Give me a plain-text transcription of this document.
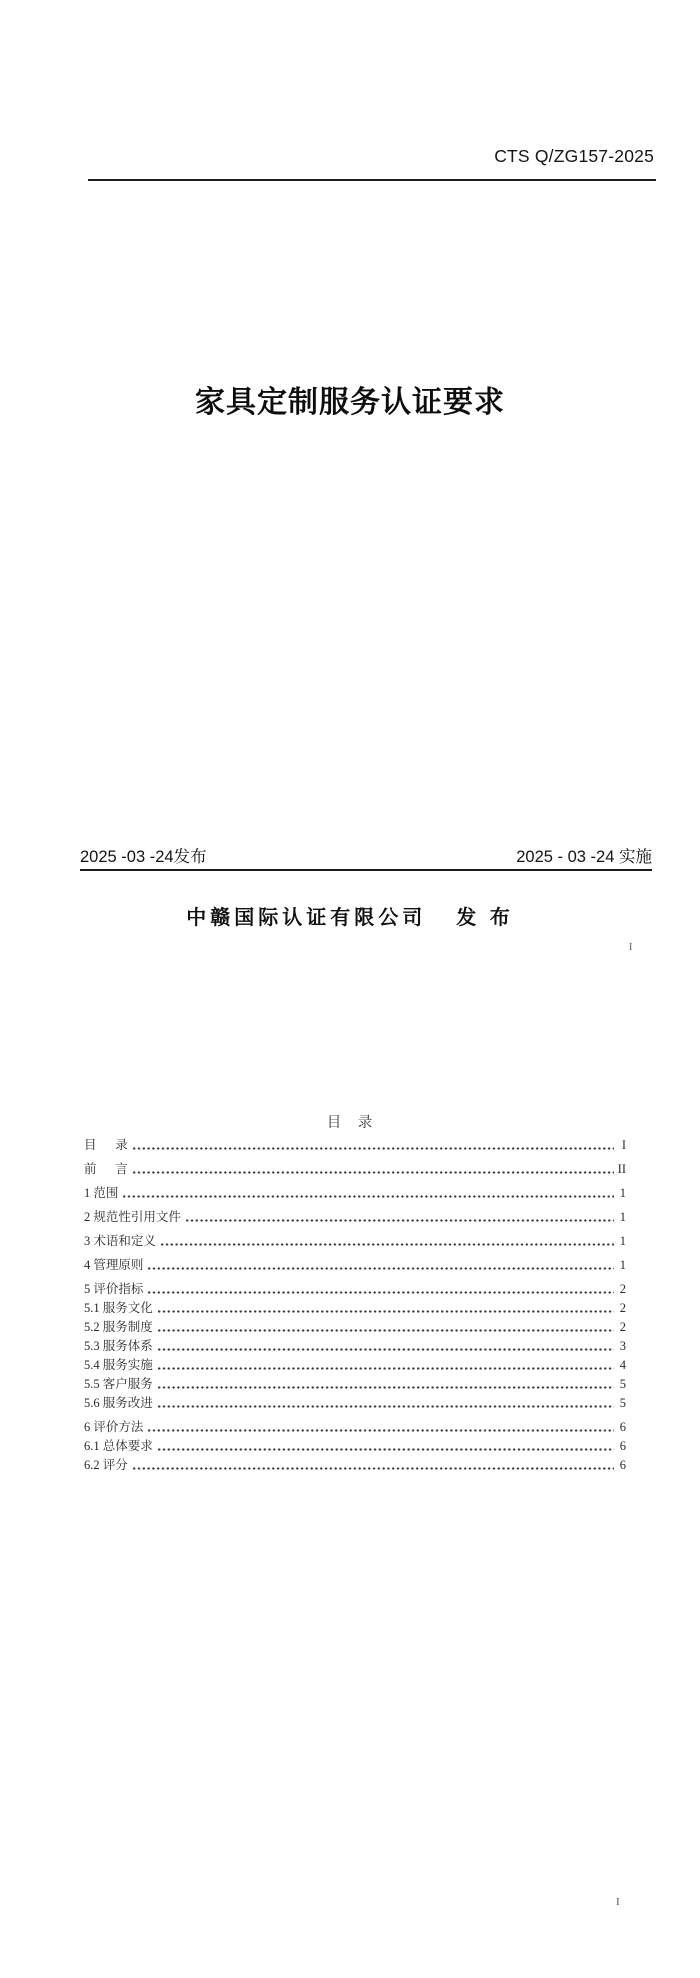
CTS Q/ZG157-2025
家具定制服务认证要求
2025 -03 -24发布	2025 - 03 -24 实施
中赣国际认证有限公司 发 布
I
目　录
目      录	I
前      言	II
1 范围	1
2 规范性引用文件	1
3 术语和定义	1
4 管理原则	1
5 评价指标	2
5.1 服务文化	2
5.2 服务制度	2
5.3 服务体系	3
5.4 服务实施	4
5.5 客户服务	5
5.6 服务改进	5
6 评价方法	6
6.1 总体要求	6
6.2 评分	6
I
